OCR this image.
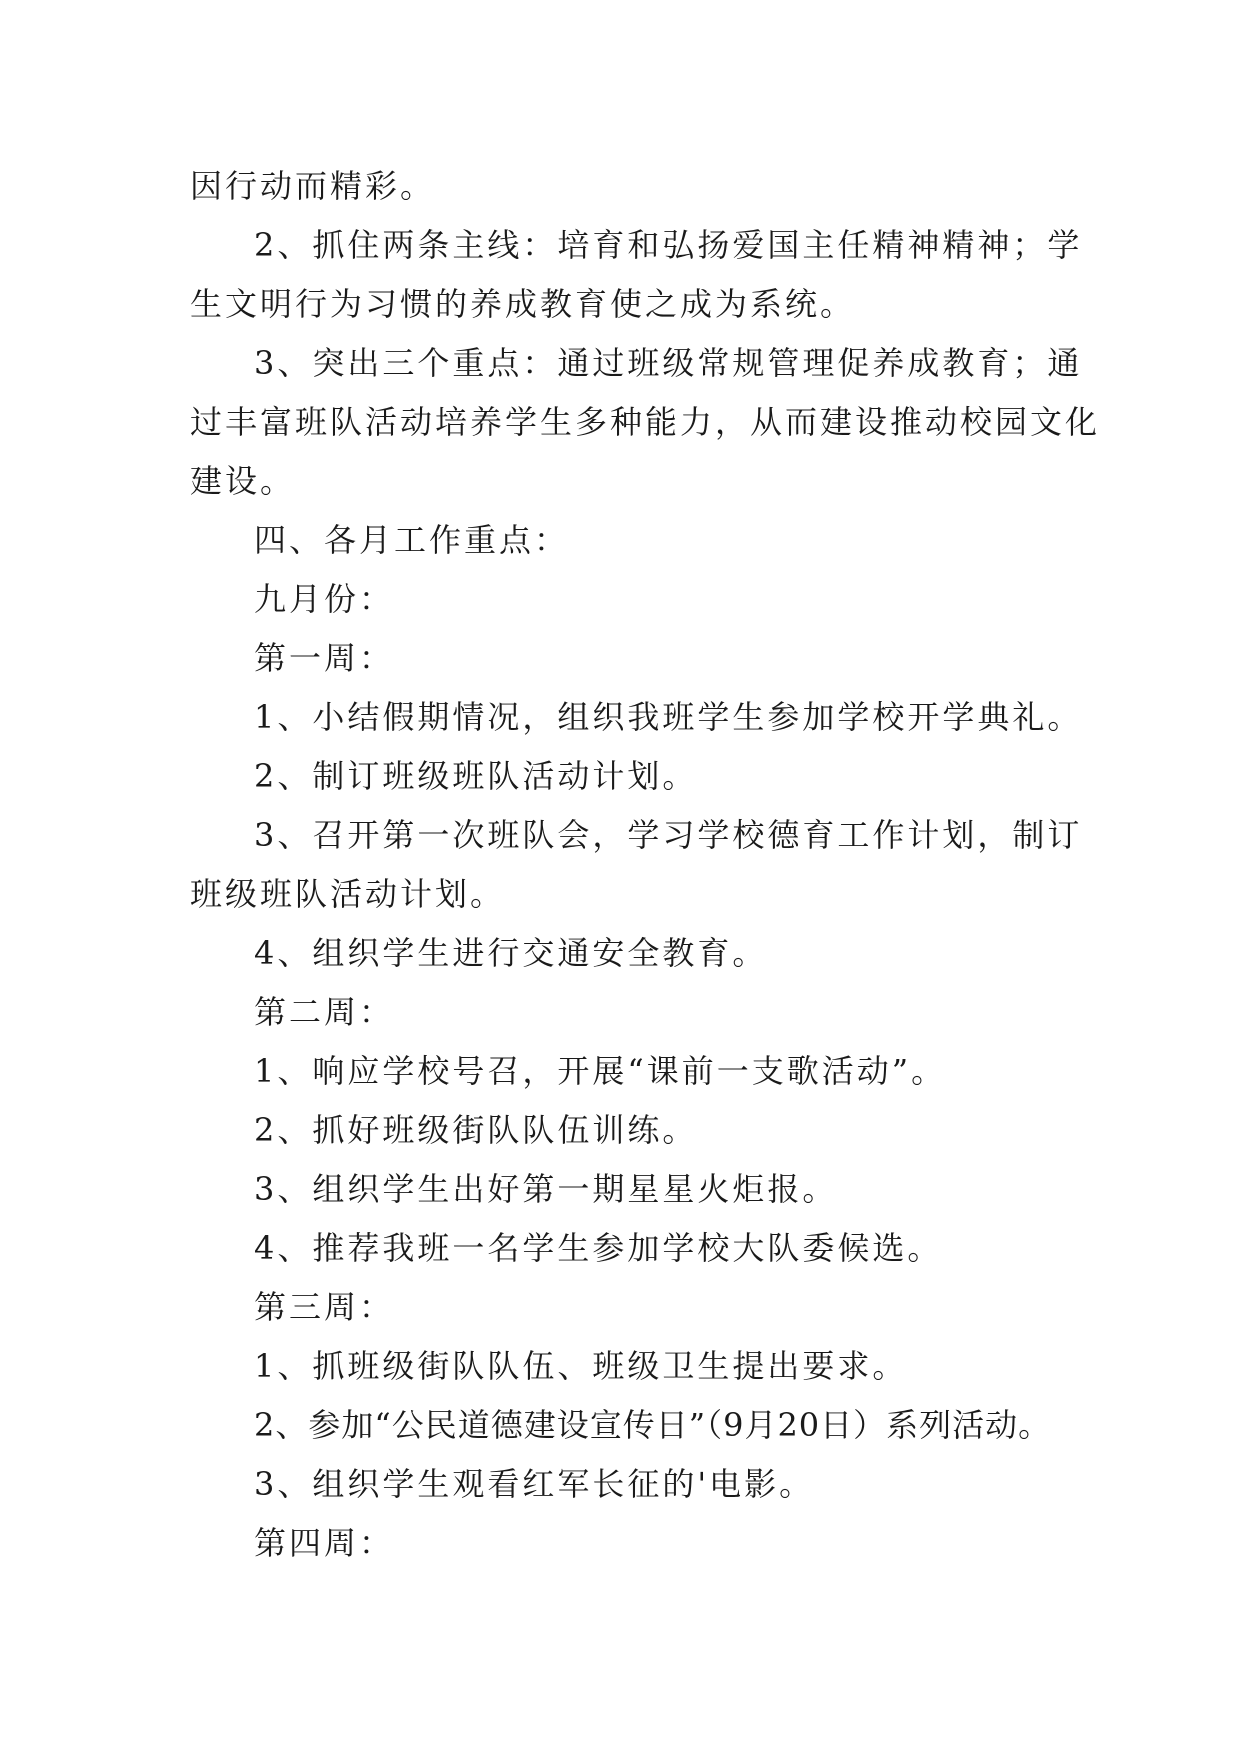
因行动而精彩。
2、抓住两条主线：培育和弘扬爱国主任精神精神；学
生文明行为习惯的养成教育使之成为系统。
3、突出三个重点：通过班级常规管理促养成教育；通
过丰富班队活动培养学生多种能力，从而建设推动校园文化
建设。
四、各月工作重点：
九月份：
第一周：
1、小结假期情况，组织我班学生参加学校开学典礼。
2、制订班级班队活动计划。
3、召开第一次班队会，学习学校德育工作计划，制订
班级班队活动计划。
4、组织学生进行交通安全教育。
第二周：
1、响应学校号召，开展“课前一支歌活动”。
2、抓好班级街队队伍训练。
3、组织学生出好第一期星星火炬报。
4、推荐我班一名学生参加学校大队委候选。
第三周：
1、抓班级街队队伍、班级卫生提出要求。
2、参加“公民道德建设宣传日”（9月20日）系列活动。
3、组织学生观看红军长征的'电影。
第四周：
